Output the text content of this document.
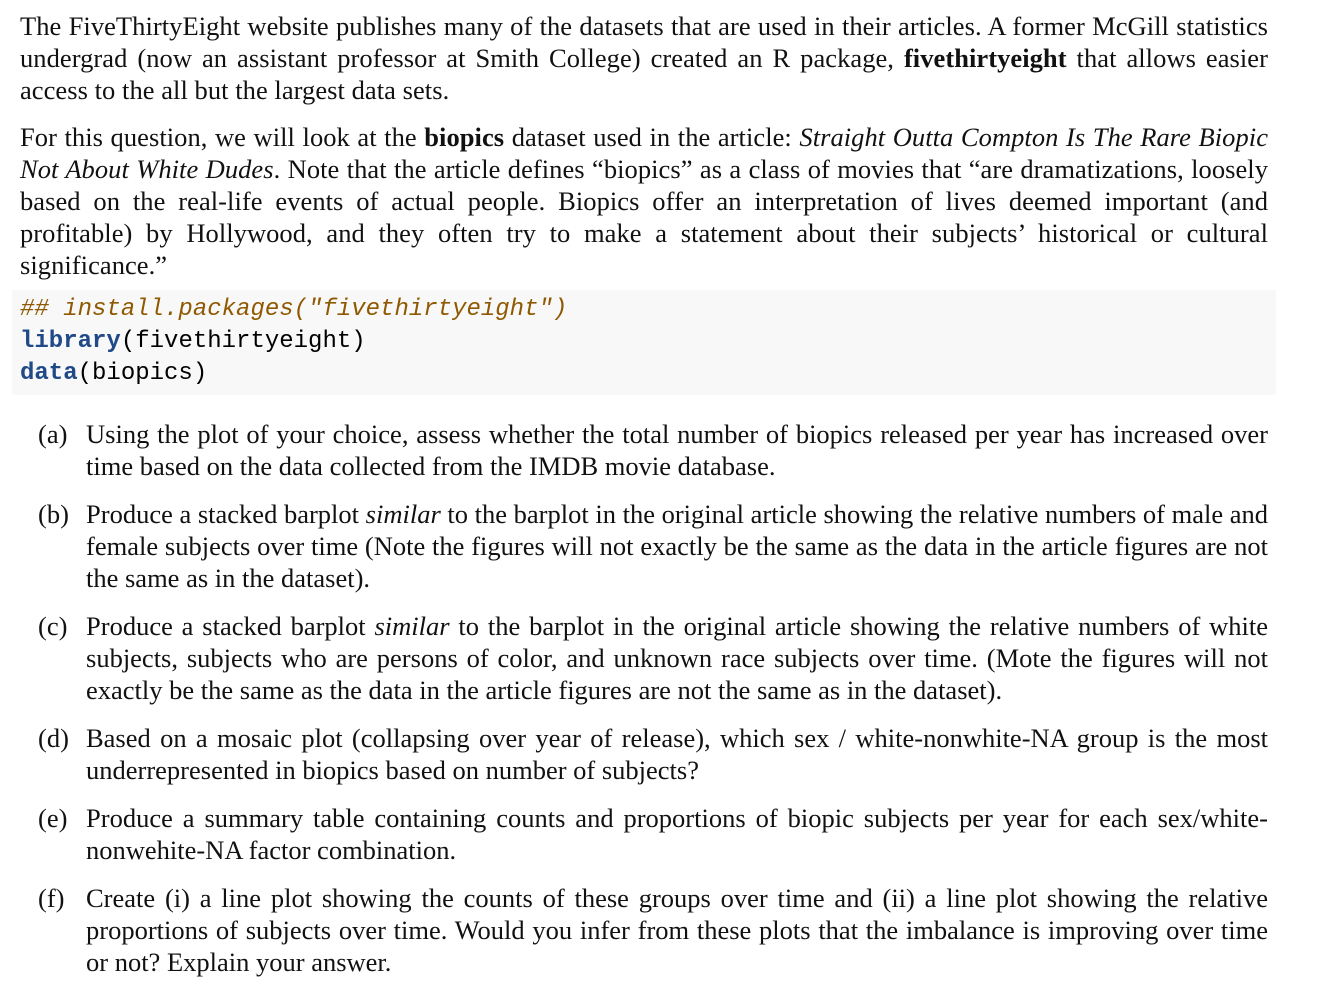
The FiveThirtyEight website publishes many of the datasets that are used in their articles. A former McGill statistics undergrad (now an assistant professor at Smith College) created an R package, fivethirtyeight that allows easier access to the all but the largest data sets.

For this question, we will look at the biopics dataset used in the article: Straight Outta Compton Is The Rare Biopic Not About White Dudes. Note that the article defines “biopics” as a class of movies that “are dramatizations, loosely based on the real-life events of actual people. Biopics offer an interpretation of lives deemed important (and profitable) by Hollywood, and they often try to make a statement about their subjects’ historical or cultural significance.”

## install.packages("fivethirtyeight")
library(fivethirtyeight)
data(biopics)
(a) Using the plot of your choice, assess whether the total number of biopics released per year has increased over time based on the data collected from the IMDB movie database.
(b) Produce a stacked barplot similar to the barplot in the original article showing the relative numbers of male and female subjects over time (Note the figures will not exactly be the same as the data in the article figures are not the same as in the dataset).
(c) Produce a stacked barplot similar to the barplot in the original article showing the relative numbers of white subjects, subjects who are persons of color, and unknown race subjects over time. (Mote the figures will not exactly be the same as the data in the article figures are not the same as in the dataset).
(d) Based on a mosaic plot (collapsing over year of release), which sex / white-nonwhite-NA group is the most underrepresented in biopics based on number of subjects?
(e) Produce a summary table containing counts and proportions of biopic subjects per year for each sex/white-nonwehite-NA factor combination.
(f) Create (i) a line plot showing the counts of these groups over time and (ii) a line plot showing the relative proportions of subjects over time. Would you infer from these plots that the imbalance is improving over time or not? Explain your answer.
